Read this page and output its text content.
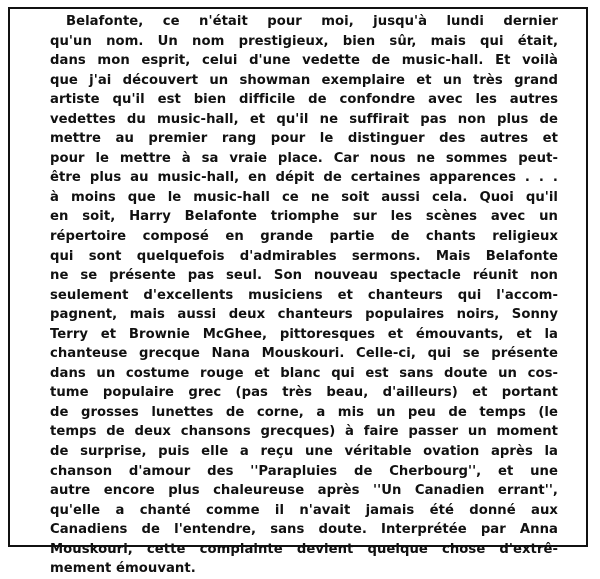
Belafonte, ce n'était pour moi, jusqu'à lundi dernier
qu'un nom. Un nom prestigieux, bien sûr, mais qui était,
dans mon esprit, celui d'une vedette de music-hall. Et voilà
que j'ai découvert un showman exemplaire et un très grand
artiste qu'il est bien difficile de confondre avec les autres
vedettes du music-hall, et qu'il ne suffirait pas non plus de
mettre au premier rang pour le distinguer des autres et
pour le mettre à sa vraie place. Car nous ne sommes peut-
être plus au music-hall, en dépit de certaines apparences . . .
à moins que le music-hall ce ne soit aussi cela. Quoi qu'il
en soit, Harry Belafonte triomphe sur les scènes avec un
répertoire composé en grande partie de chants religieux
qui sont quelquefois d'admirables sermons. Mais Belafonte
ne se présente pas seul. Son nouveau spectacle réunit non
seulement d'excellents musiciens et chanteurs qui l'accom-
pagnent, mais aussi deux chanteurs populaires noirs, Sonny
Terry et Brownie McGhee, pittoresques et émouvants, et la
chanteuse grecque Nana Mouskouri. Celle-ci, qui se présente
dans un costume rouge et blanc qui est sans doute un cos-
tume populaire grec (pas très beau, d'ailleurs) et portant
de grosses lunettes de corne, a mis un peu de temps (le
temps de deux chansons grecques) à faire passer un moment
de surprise, puis elle a reçu une véritable ovation après la
chanson d'amour des ''Parapluies de Cherbourg'', et une
autre encore plus chaleureuse après ''Un Canadien errant'',
qu'elle a chanté comme il n'avait jamais été donné aux
Canadiens de l'entendre, sans doute. Interprétée par Anna
Mouskouri, cette complainte devient quelque chose d'extrê-
mement émouvant.
